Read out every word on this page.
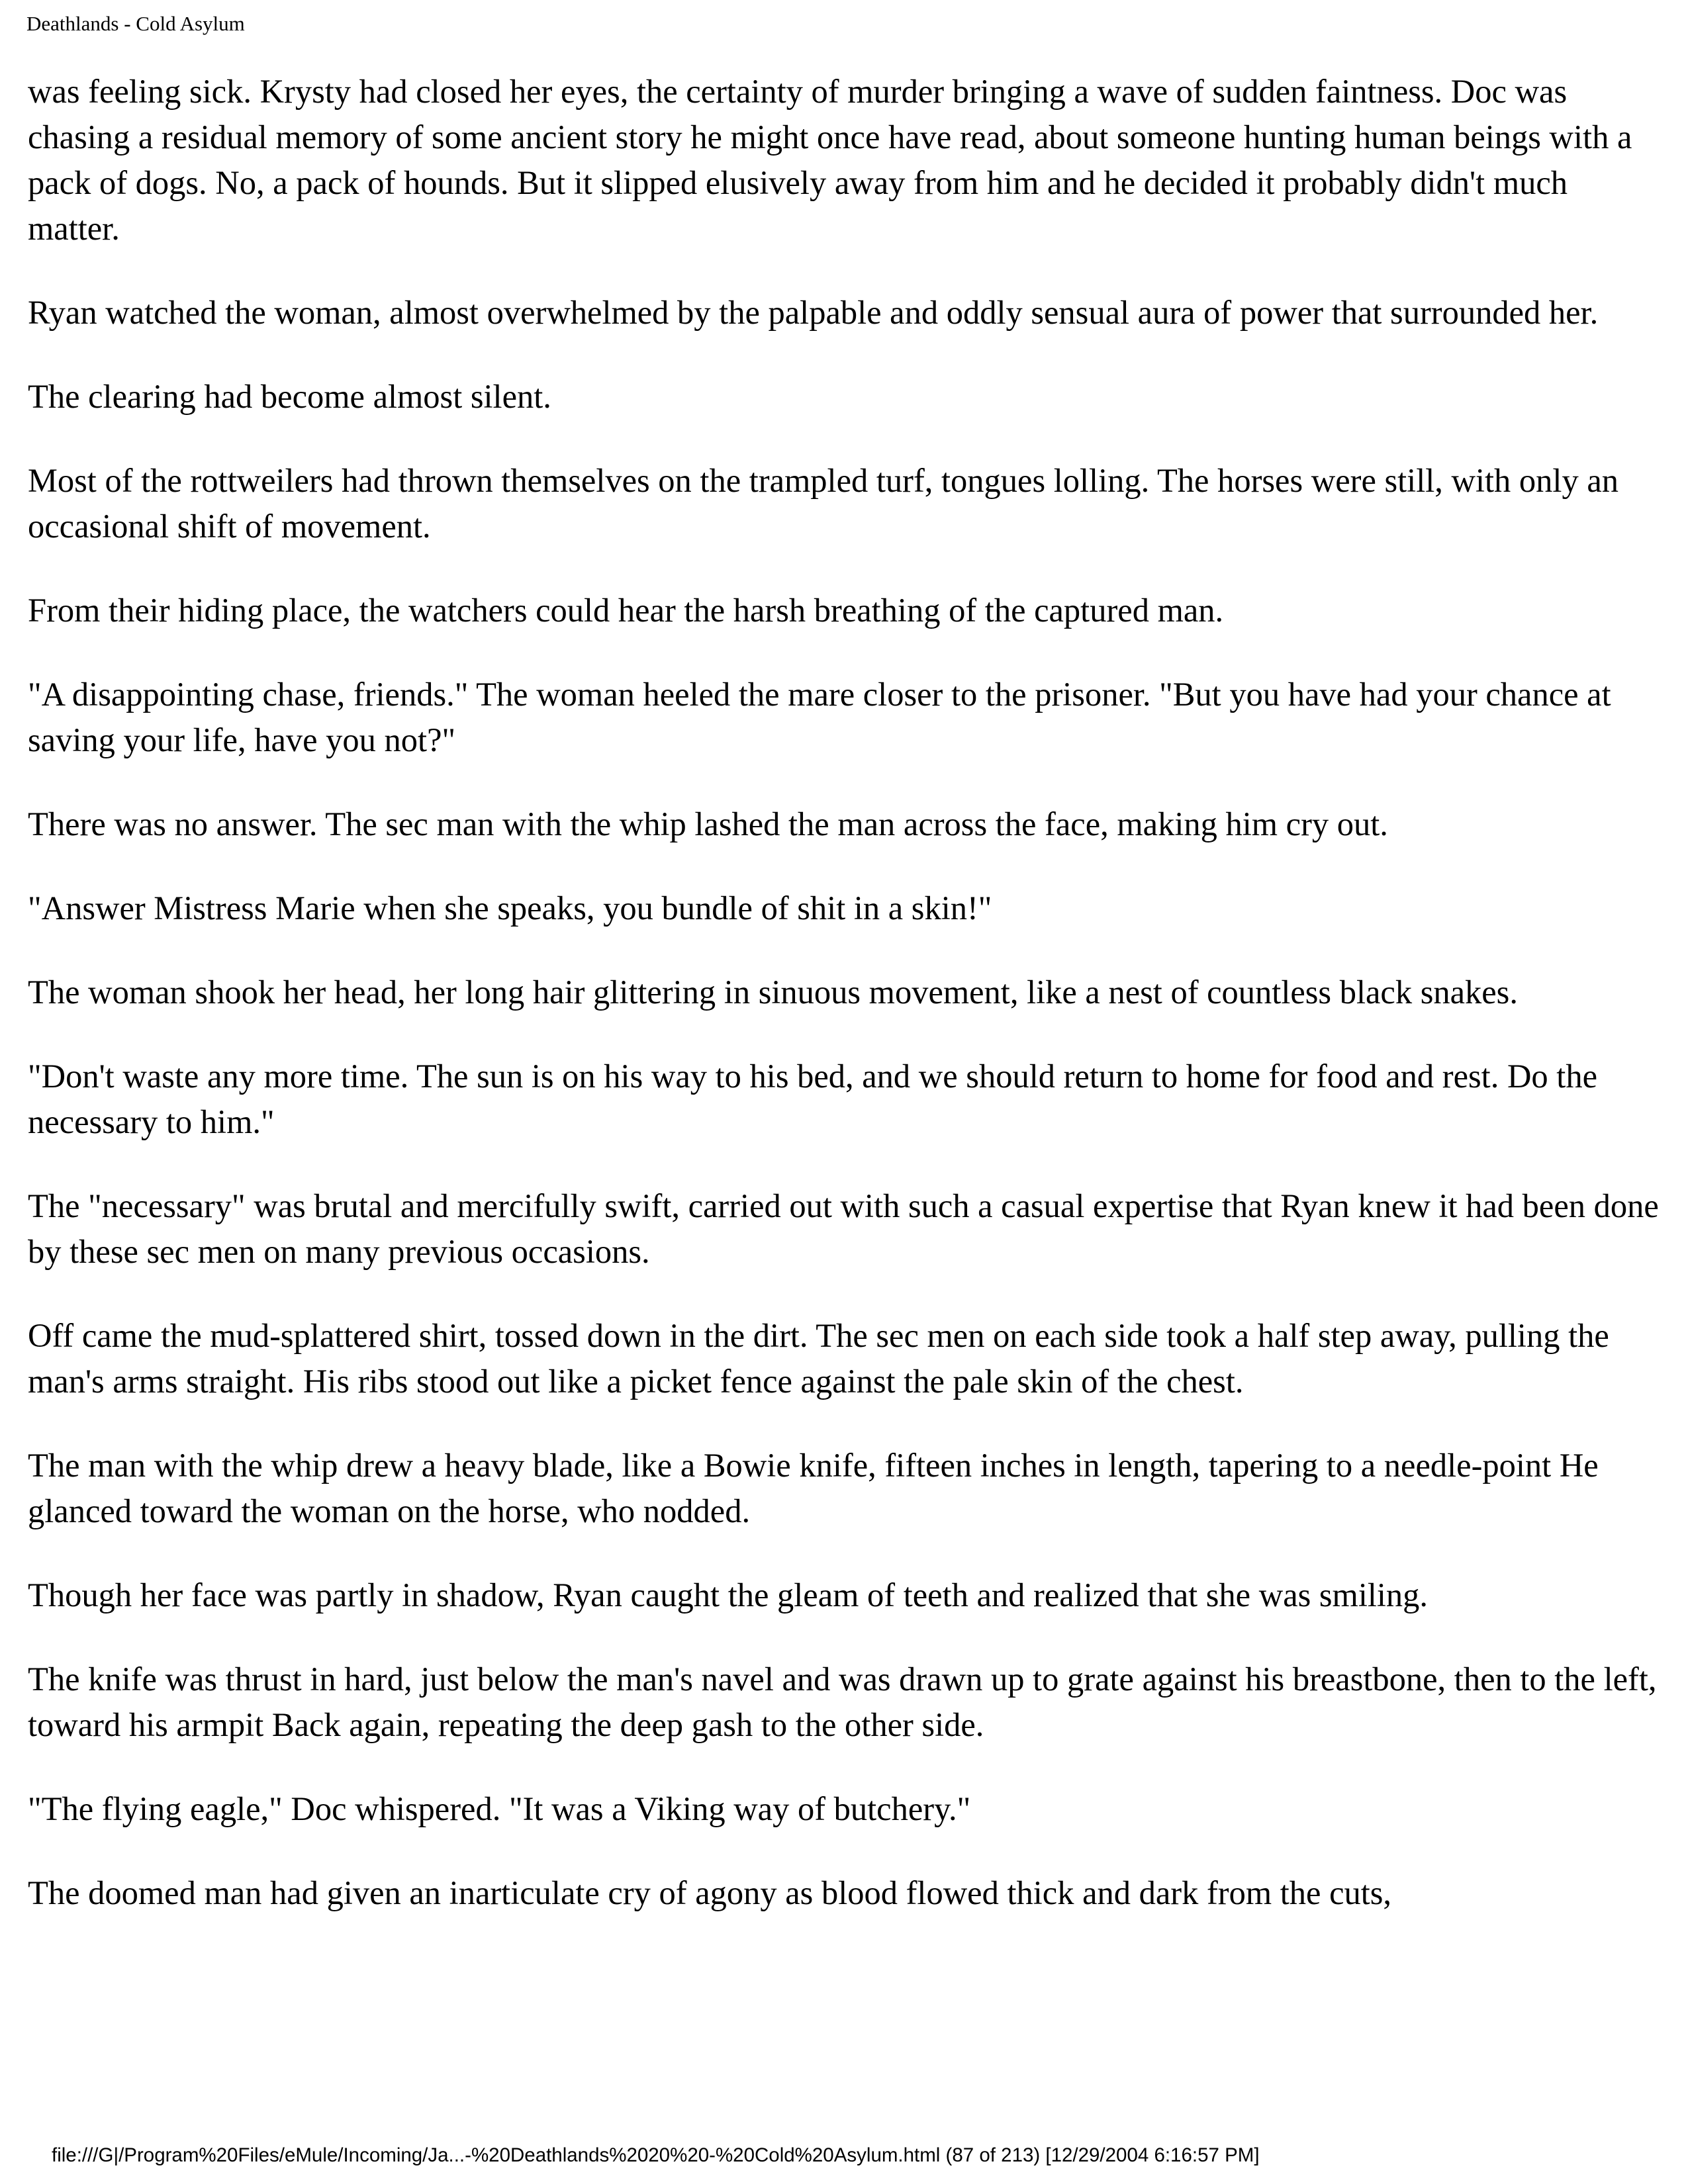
Deathlands - Cold Asylum

was feeling sick. Krysty had closed her eyes, the certainty of murder bringing a wave of sudden faintness. Doc was chasing a residual memory of some ancient story he might once have read, about someone hunting human beings with a pack of dogs. No, a pack of hounds. But it slipped elusively away from him and he decided it probably didn't much matter.

Ryan watched the woman, almost overwhelmed by the palpable and oddly sensual aura of power that surrounded her.

The clearing had become almost silent.

Most of the rottweilers had thrown themselves on the trampled turf, tongues lolling. The horses were still, with only an occasional shift of movement.

From their hiding place, the watchers could hear the harsh breathing of the captured man.

"A disappointing chase, friends." The woman heeled the mare closer to the prisoner. "But you have had your chance at saving your life, have you not?"

There was no answer. The sec man with the whip lashed the man across the face, making him cry out.

"Answer Mistress Marie when she speaks, you bundle of shit in a skin!"

The woman shook her head, her long hair glittering in sinuous movement, like a nest of countless black snakes.

"Don't waste any more time. The sun is on his way to his bed, and we should return to home for food and rest. Do the necessary to him."

The "necessary" was brutal and mercifully swift, carried out with such a casual expertise that Ryan knew it had been done by these sec men on many previous occasions.

Off came the mud-splattered shirt, tossed down in the dirt. The sec men on each side took a half step away, pulling the man's arms straight. His ribs stood out like a picket fence against the pale skin of the chest.

The man with the whip drew a heavy blade, like a Bowie knife, fifteen inches in length, tapering to a needle-point He glanced toward the woman on the horse, who nodded.

Though her face was partly in shadow, Ryan caught the gleam of teeth and realized that she was smiling.

The knife was thrust in hard, just below the man's navel and was drawn up to grate against his breastbone, then to the left, toward his armpit Back again, repeating the deep gash to the other side.

"The flying eagle," Doc whispered. "It was a Viking way of butchery."

The doomed man had given an inarticulate cry of agony as blood flowed thick and dark from the cuts,

file:///G|/Program%20Files/eMule/Incoming/Ja...-%20Deathlands%2020%20-%20Cold%20Asylum.html (87 of 213) [12/29/2004 6:16:57 PM]
